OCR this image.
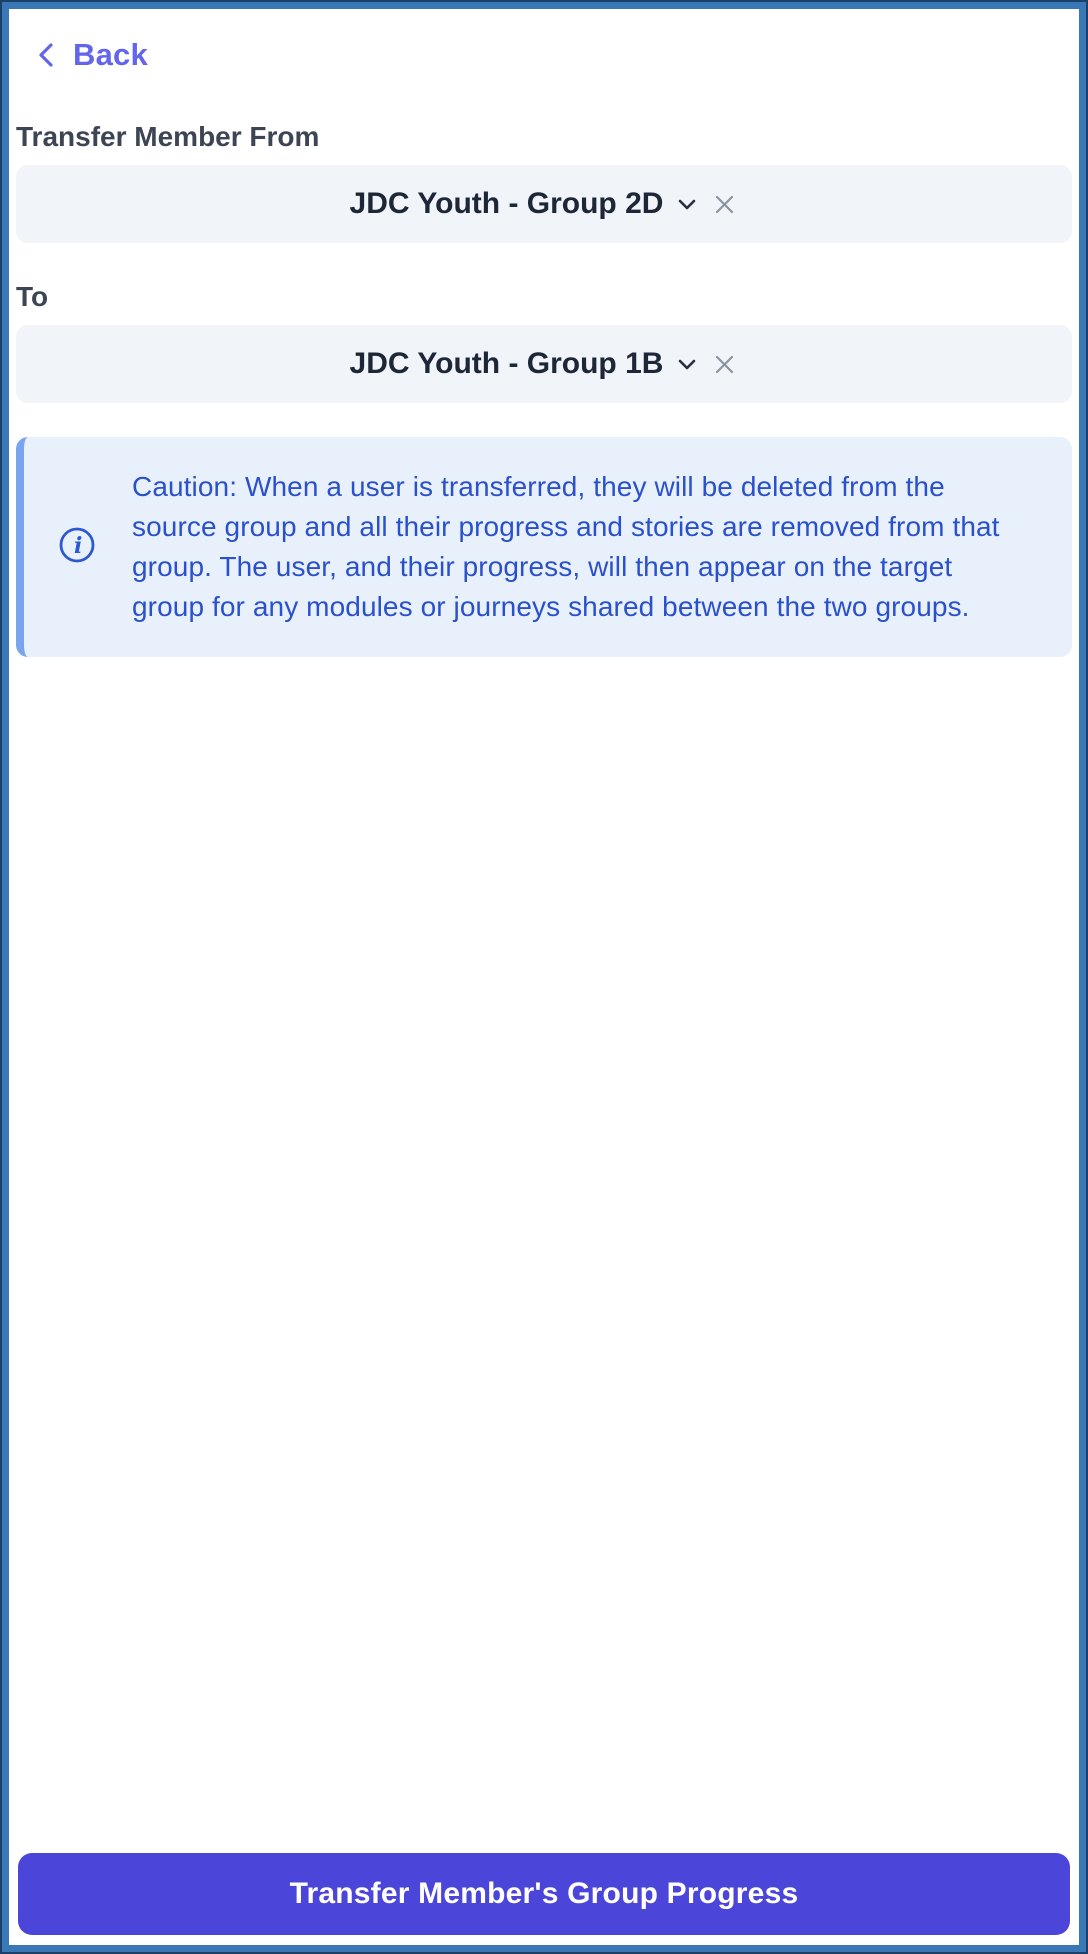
Back
Transfer Member From
JDC Youth - Group 2D
To
JDC Youth - Group 1B
i
Caution: When a user is transferred, they will be deleted from the
source group and all their progress and stories are removed from that
group. The user, and their progress, will then appear on the target
group for any modules or journeys shared between the two groups.
Transfer Member's Group Progress
